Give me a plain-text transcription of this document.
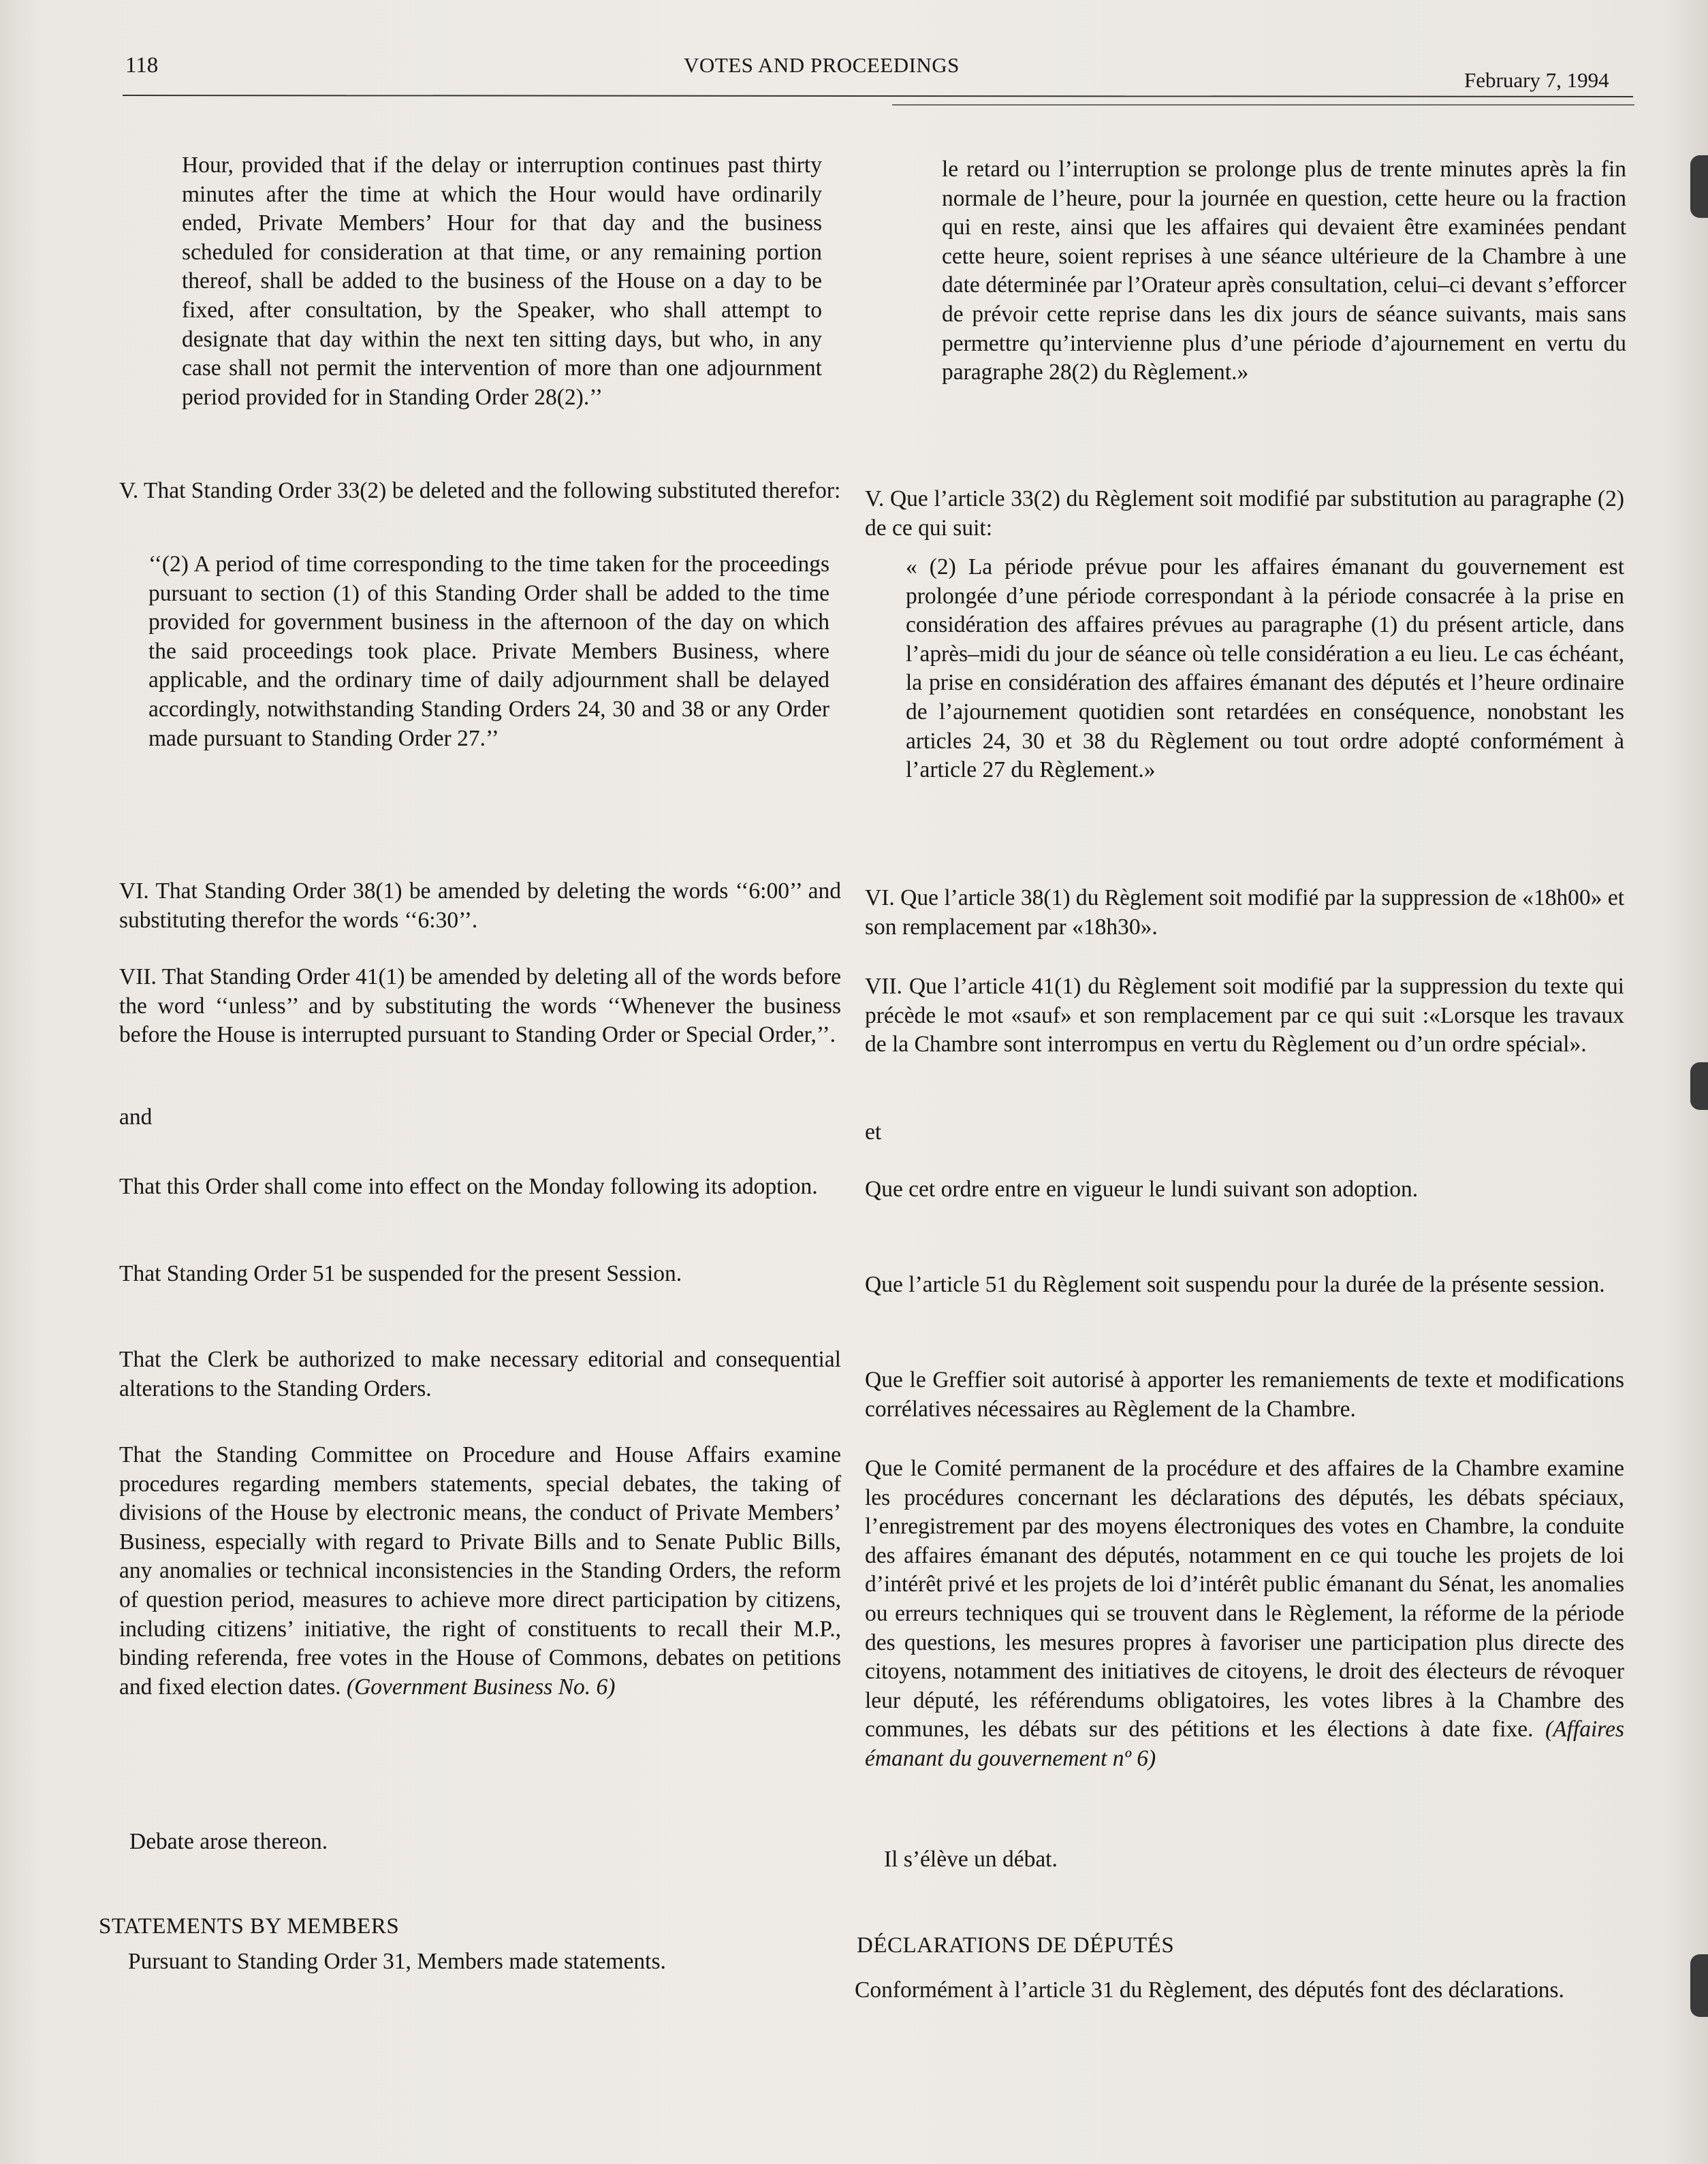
118	VOTES AND PROCEEDINGS
February 7, 1994
Hour, provided that if the delay or interruption continues past thirty minutes after the time at which the Hour would have ordinarily ended, Private Members’ Hour for that day and the business scheduled for consideration at that time, or any remaining portion thereof, shall be added to the business of the House on a day to be fixed, after consultation, by the Speaker, who shall attempt to designate that day within the next ten sitting days, but who, in any case shall not permit the intervention of more than one adjournment period provided for in Standing Order 28(2).’’
V. That Standing Order 33(2) be deleted and the following substituted therefor:
‘‘(2) A period of time corresponding to the time taken for the proceedings pursuant to section (1) of this Standing Order shall be added to the time provided for government business in the afternoon of the day on which the said proceedings took place. Private Members Business, where applicable, and the ordinary time of daily adjournment shall be delayed accordingly, notwithstanding Standing Orders 24, 30 and 38 or any Order made pursuant to Standing Order 27.’’
VI. That Standing Order 38(1) be amended by deleting the words ‘‘6:00’’ and substituting therefor the words ‘‘6:30’’.
VII. That Standing Order 41(1) be amended by deleting all of the words before the word ‘‘unless’’ and by substituting the words ‘‘Whenever the business before the House is interrupted pursuant to Standing Order or Special Order,’’.
and
That this Order shall come into effect on the Monday following its adoption.
That Standing Order 51 be suspended for the present Session.
That the Clerk be authorized to make necessary editorial and consequential alterations to the Standing Orders.
That the Standing Committee on Procedure and House Affairs examine procedures regarding members statements, special debates, the taking of divisions of the House by electronic means, the conduct of Private Members’ Business, especially with regard to Private Bills and to Senate Public Bills, any anomalies or technical inconsistencies in the Standing Orders, the reform of question period, measures to achieve more direct participation by citizens, including citizens’ initiative, the right of constituents to recall their M.P., binding referenda, free votes in the House of Commons, debates on petitions and fixed election dates. (Government Business No. 6)
Debate arose thereon.
STATEMENTS BY MEMBERS
Pursuant to Standing Order 31, Members made statements.
le retard ou l’interruption se prolonge plus de trente minutes après la fin normale de l’heure, pour la journée en question, cette heure ou la fraction qui en reste, ainsi que les affaires qui devaient être examinées pendant cette heure, soient reprises à une séance ultérieure de la Chambre à une date déterminée par l’Orateur après consultation, celui–ci devant s’efforcer de prévoir cette reprise dans les dix jours de séance suivants, mais sans permettre qu’intervienne plus d’une période d’ajournement en vertu du paragraphe 28(2) du Règlement.»
V. Que l’article 33(2) du Règlement soit modifié par substitution au paragraphe (2) de ce qui suit:
« (2) La période prévue pour les affaires émanant du gouvernement est prolongée d’une période correspondant à la période consacrée à la prise en considération des affaires prévues au paragraphe (1) du présent article, dans l’après–midi du jour de séance où telle considération a eu lieu. Le cas échéant, la prise en considération des affaires émanant des députés et l’heure ordinaire de l’ajournement quotidien sont retardées en conséquence, nonobstant les articles 24, 30 et 38 du Règlement ou tout ordre adopté conformément à l’article 27 du Règlement.»
VI. Que l’article 38(1) du Règlement soit modifié par la suppression de «18h00» et son remplacement par «18h30».
VII. Que l’article 41(1) du Règlement soit modifié par la suppression du texte qui précède le mot «sauf» et son remplacement par ce qui suit :«Lorsque les travaux de la Chambre sont interrompus en vertu du Règlement ou d’un ordre spécial».
et
Que cet ordre entre en vigueur le lundi suivant son adoption.
Que l’article 51 du Règlement soit suspendu pour la durée de la présente session.
Que le Greffier soit autorisé à apporter les remaniements de texte et modifications corrélatives nécessaires au Règlement de la Chambre.
Que le Comité permanent de la procédure et des affaires de la Chambre examine les procédures concernant les déclarations des députés, les débats spéciaux, l’enregistrement par des moyens électroniques des votes en Chambre, la conduite des affaires émanant des députés, notamment en ce qui touche les projets de loi d’intérêt privé et les projets de loi d’intérêt public émanant du Sénat, les anomalies ou erreurs techniques qui se trouvent dans le Règlement, la réforme de la période des questions, les mesures propres à favoriser une participation plus directe des citoyens, notamment des initiatives de citoyens, le droit des électeurs de révoquer leur député, les référendums obligatoires, les votes libres à la Chambre des communes, les débats sur des pétitions et les élections à date fixe. (Affaires émanant du gouvernement nº 6)
Il s’élève un débat.
DÉCLARATIONS DE DÉPUTÉS
Conformément à l’article 31 du Règlement, des députés font des déclarations.
